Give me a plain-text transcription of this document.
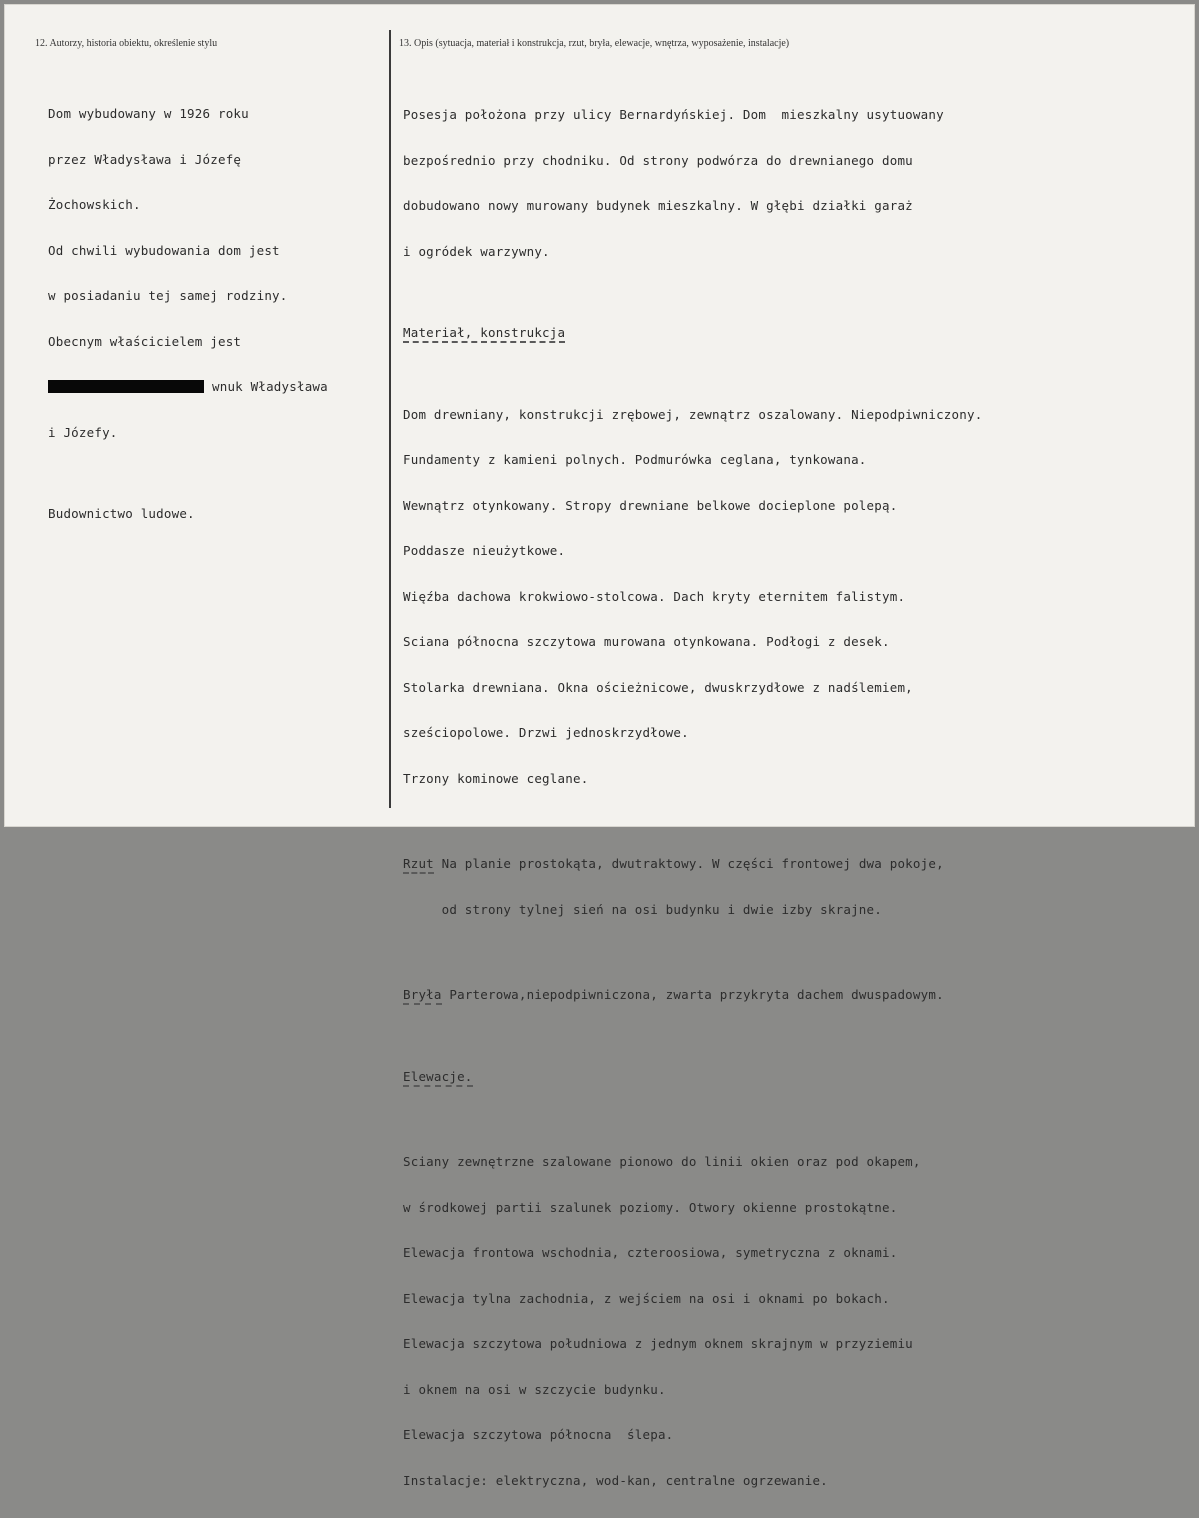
12. Autorzy, historia obiektu, określenie stylu	13. Opis (sytuacja, materiał i konstrukcja, rzut, bryła, elewacje, wnętrza, wyposażenie, instalacje)

Dom wybudowany w 1926 roku

przez Władysława i Józefę

Żochowskich.

Od chwili wybudowania dom jest

w posiadaniu tej samej rodziny.

Obecnym właścicielem jest

wnuk Władysława

i Józefy.

Budownictwo ludowe.

Posesja położona przy ulicy Bernardyńskiej. Dom  mieszkalny usytuowany

bezpośrednio przy chodniku. Od strony podwórza do drewnianego domu

dobudowano nowy murowany budynek mieszkalny. W głębi działki garaż

i ogródek warzywny.

Materiał, konstrukcja

Dom drewniany, konstrukcji zrębowej, zewnątrz oszalowany. Niepodpiwniczony.

Fundamenty z kamieni polnych. Podmurówka ceglana, tynkowana.

Wewnątrz otynkowany. Stropy drewniane belkowe docieplone polepą.

Poddasze nieużytkowe.

Więźba dachowa krokwiowo-stolcowa. Dach kryty eternitem falistym.

Sciana północna szczytowa murowana otynkowana. Podłogi z desek.

Stolarka drewniana. Okna ościeżnicowe, dwuskrzydłowe z nadślemiem,

sześciopolowe. Drzwi jednoskrzydłowe.

Trzony kominowe ceglane.

Rzut Na planie prostokąta, dwutraktowy. W części frontowej dwa pokoje,

od strony tylnej sień na osi budynku i dwie izby skrajne.

Bryła Parterowa,niepodpiwniczona, zwarta przykryta dachem dwuspadowym.

Elewacje.

Sciany zewnętrzne szalowane pionowo do linii okien oraz pod okapem,

w środkowej partii szalunek poziomy. Otwory okienne prostokątne.

Elewacja frontowa wschodnia, czteroosiowa, symetryczna z oknami.

Elewacja tylna zachodnia, z wejściem na osi i oknami po bokach.

Elewacja szczytowa południowa z jednym oknem skrajnym w przyziemiu

i oknem na osi w szczycie budynku.

Elewacja szczytowa północna  ślepa.

Instalacje: elektryczna, wod-kan, centralne ogrzewanie.
